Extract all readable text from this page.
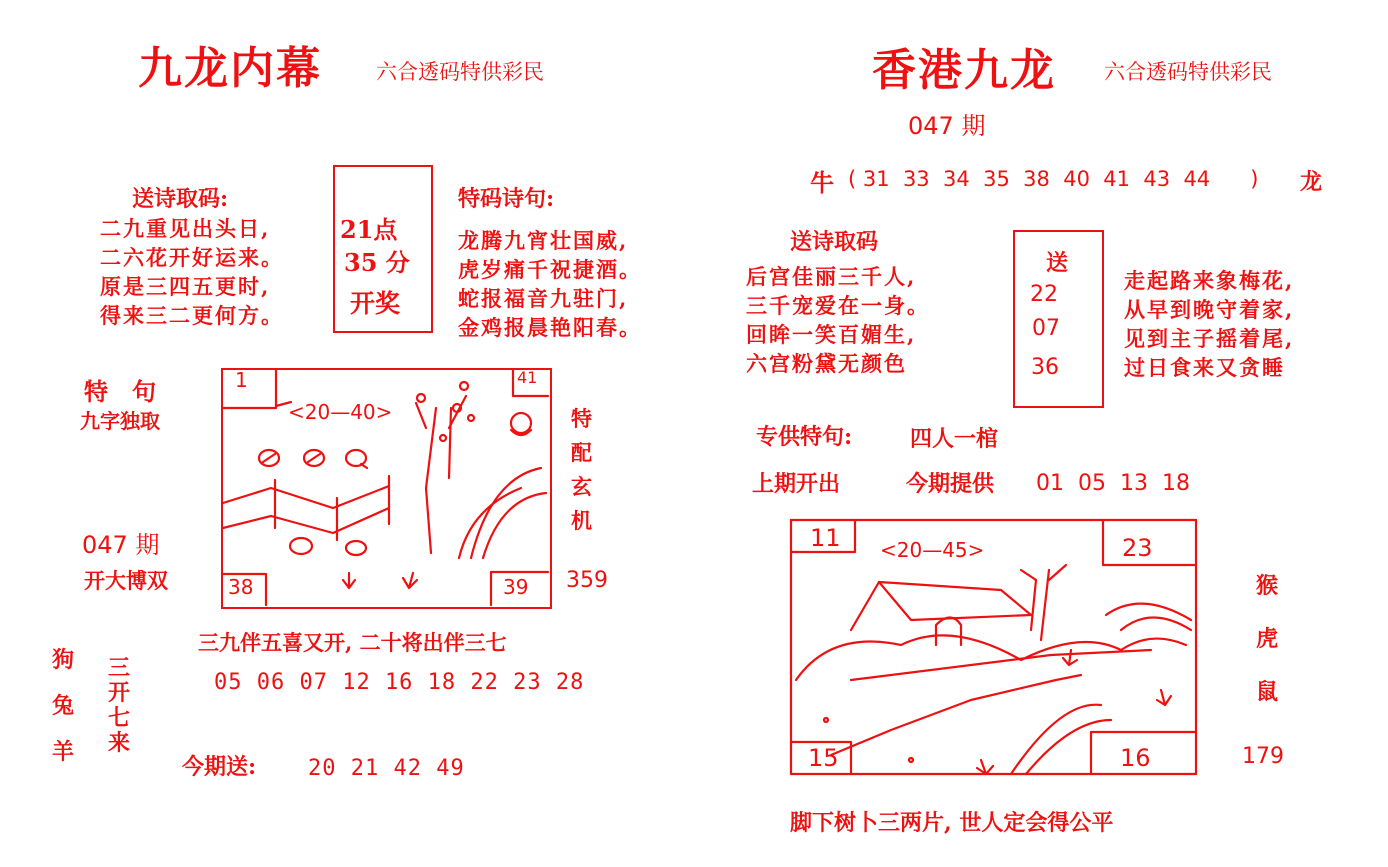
九龙内幕	六合透码特供彩民
送诗取码:
二九重见出头日,
二六花开好运来。
原是三四五更时,
得来三二更何方。
21点
35 分
开奖
特码诗句:
龙腾九宵壮国威,
虎岁痛千祝捷酒。
蛇报福音九驻门,
金鸡报晨艳阳春。
特　句
九字独取
047 期
开大博双	38	39
1	41
<20—40>	特
配
玄
机
359
三九伴五喜又开, 二十将出伴三七
05 06 07 12 16 18 22 23 28
狗
兔
羊
三
开
七
来
今期送: 20 21 42 49
香港九龙 六合透码特供彩民
047 期
牛 ( 31  33  34  35  38  40  41  43  44      ) 龙
送诗取码
后宫佳丽三千人,
三千宠爱在一身。
回眸一笑百媚生,
六宫粉黛无颜色
送
22
07
36
走起路来象梅花,
从早到晚守着家,
见到主子摇着尾,
过日食来又贪睡
专供特句:	四人一棺
上期开出	今期提供 01  05  13  18
11	23
15	16
<20—45>
猴
虎
鼠
179
脚下树卜三两片, 世人定会得公平
